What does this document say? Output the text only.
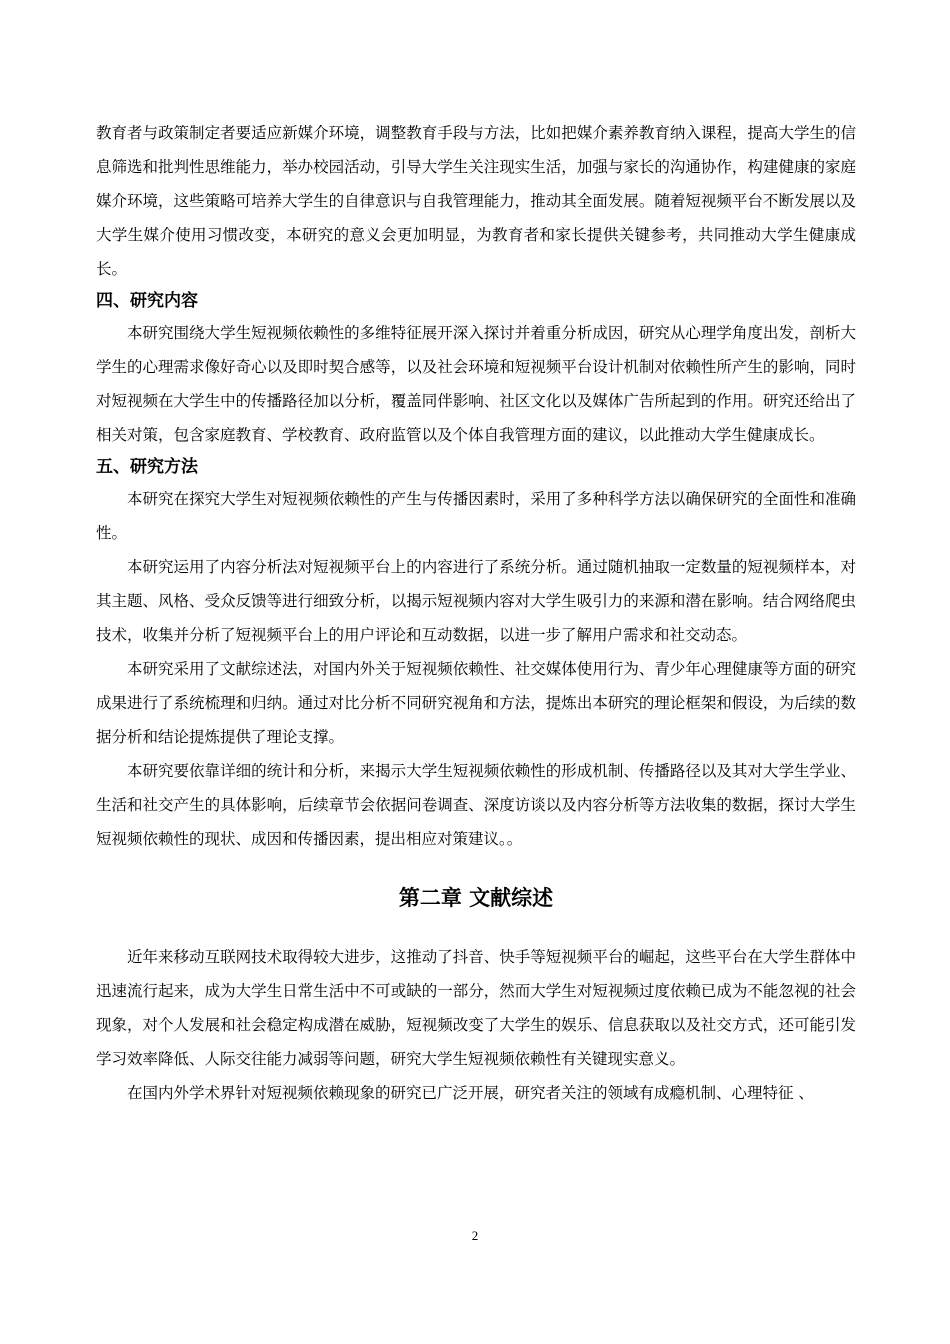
教育者与政策制定者要适应新媒介环境，调整教育手段与方法，比如把媒介素养教育纳入课程，提高大学生的信息筛选和批判性思维能力，举办校园活动，引导大学生关注现实生活，加强与家长的沟通协作，构建健康的家庭媒介环境，这些策略可培养大学生的自律意识与自我管理能力，推动其全面发展。随着短视频平台不断发展以及大学生媒介使用习惯改变，本研究的意义会更加明显，为教育者和家长提供关键参考，共同推动大学生健康成长。

四、研究内容

本研究围绕大学生短视频依赖性的多维特征展开深入探讨并着重分析成因，研究从心理学角度出发，剖析大学生的心理需求像好奇心以及即时契合感等，以及社会环境和短视频平台设计机制对依赖性所产生的影响，同时对短视频在大学生中的传播路径加以分析，覆盖同伴影响、社区文化以及媒体广告所起到的作用。研究还给出了相关对策，包含家庭教育、学校教育、政府监管以及个体自我管理方面的建议，以此推动大学生健康成长。

五、研究方法

本研究在探究大学生对短视频依赖性的产生与传播因素时，采用了多种科学方法以确保研究的全面性和准确性。

本研究运用了内容分析法对短视频平台上的内容进行了系统分析。通过随机抽取一定数量的短视频样本，对其主题、风格、受众反馈等进行细致分析，以揭示短视频内容对大学生吸引力的来源和潜在影响。结合网络爬虫技术，收集并分析了短视频平台上的用户评论和互动数据，以进一步了解用户需求和社交动态。

本研究采用了文献综述法，对国内外关于短视频依赖性、社交媒体使用行为、青少年心理健康等方面的研究成果进行了系统梳理和归纳。通过对比分析不同研究视角和方法，提炼出本研究的理论框架和假设，为后续的数据分析和结论提炼提供了理论支撑。

本研究要依靠详细的统计和分析，来揭示大学生短视频依赖性的形成机制、传播路径以及其对大学生学业、生活和社交产生的具体影响，后续章节会依据问卷调查、深度访谈以及内容分析等方法收集的数据，探讨大学生短视频依赖性的现状、成因和传播因素，提出相应对策建议。。

第二章 文献综述

近年来移动互联网技术取得较大进步，这推动了抖音、快手等短视频平台的崛起，这些平台在大学生群体中迅速流行起来，成为大学生日常生活中不可或缺的一部分，然而大学生对短视频过度依赖已成为不能忽视的社会现象，对个人发展和社会稳定构成潜在威胁，短视频改变了大学生的娱乐、信息获取以及社交方式，还可能引发学习效率降低、人际交往能力减弱等问题，研究大学生短视频依赖性有关键现实意义。

在国内外学术界针对短视频依赖现象的研究已广泛开展，研究者关注的领域有成瘾机制、心理特征 、

2
